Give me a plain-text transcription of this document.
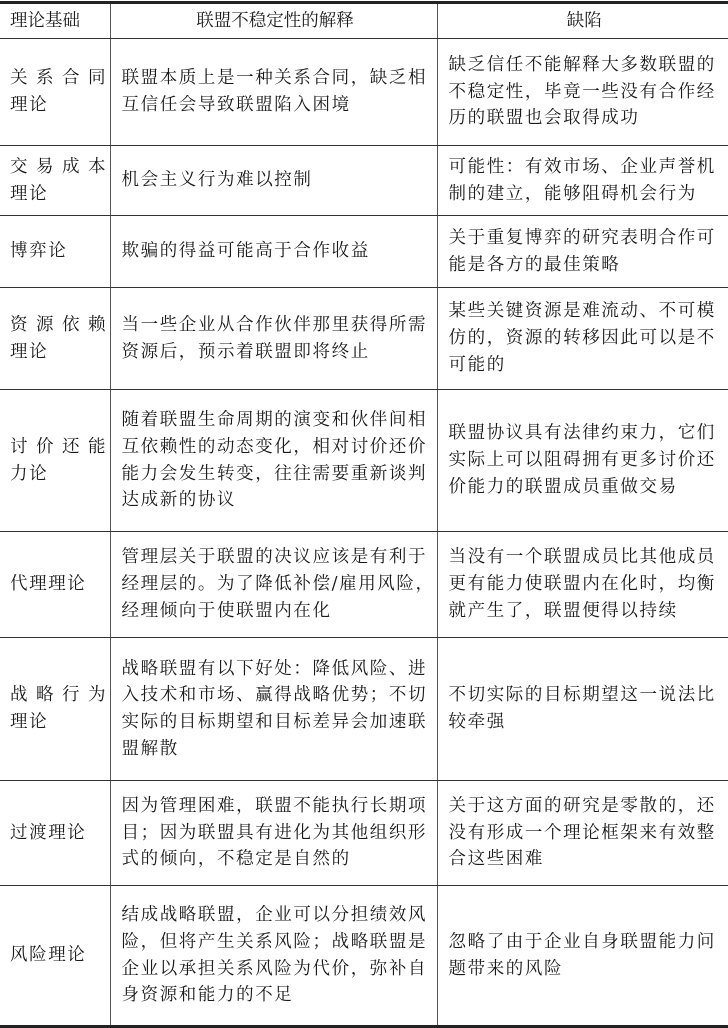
理论基础	联盟不稳定性的解释	缺陷

关系合同
理论	联盟本质上是一种关系合同，缺乏相
互信任会导致联盟陷入困境	缺乏信任不能解释大多数联盟的
不稳定性，毕竟一些没有合作经
历的联盟也会取得成功

交易成本
理论	机会主义行为难以控制	可能性：有效市场、企业声誉机
制的建立，能够阻碍机会行为

博弈论	欺骗的得益可能高于合作收益	关于重复博弈的研究表明合作可
能是各方的最佳策略

资源依赖
理论	当一些企业从合作伙伴那里获得所需
资源后，预示着联盟即将终止	某些关键资源是难流动、不可模
仿的，资源的转移因此可以是不
可能的

讨价还能
力论	随着联盟生命周期的演变和伙伴间相
互依赖性的动态变化，相对讨价还价
能力会发生转变，往往需要重新谈判
达成新的协议	联盟协议具有法律约束力，它们
实际上可以阻碍拥有更多讨价还
价能力的联盟成员重做交易

代理理论	管理层关于联盟的决议应该是有利于
经理层的。为了降低补偿/雇用风险，
经理倾向于使联盟内在化	当没有一个联盟成员比其他成员
更有能力使联盟内在化时，均衡
就产生了，联盟便得以持续

战略行为
理论	战略联盟有以下好处：降低风险、进
入技术和市场、赢得战略优势；不切
实际的目标期望和目标差异会加速联
盟解散	不切实际的目标期望这一说法比
较牵强

过渡理论	因为管理困难，联盟不能执行长期项
目；因为联盟具有进化为其他组织形
式的倾向，不稳定是自然的	关于这方面的研究是零散的，还
没有形成一个理论框架来有效整
合这些困难

风险理论	结成战略联盟，企业可以分担绩效风
险，但将产生关系风险；战略联盟是
企业以承担关系风险为代价，弥补自
身资源和能力的不足	忽略了由于企业自身联盟能力问
题带来的风险
